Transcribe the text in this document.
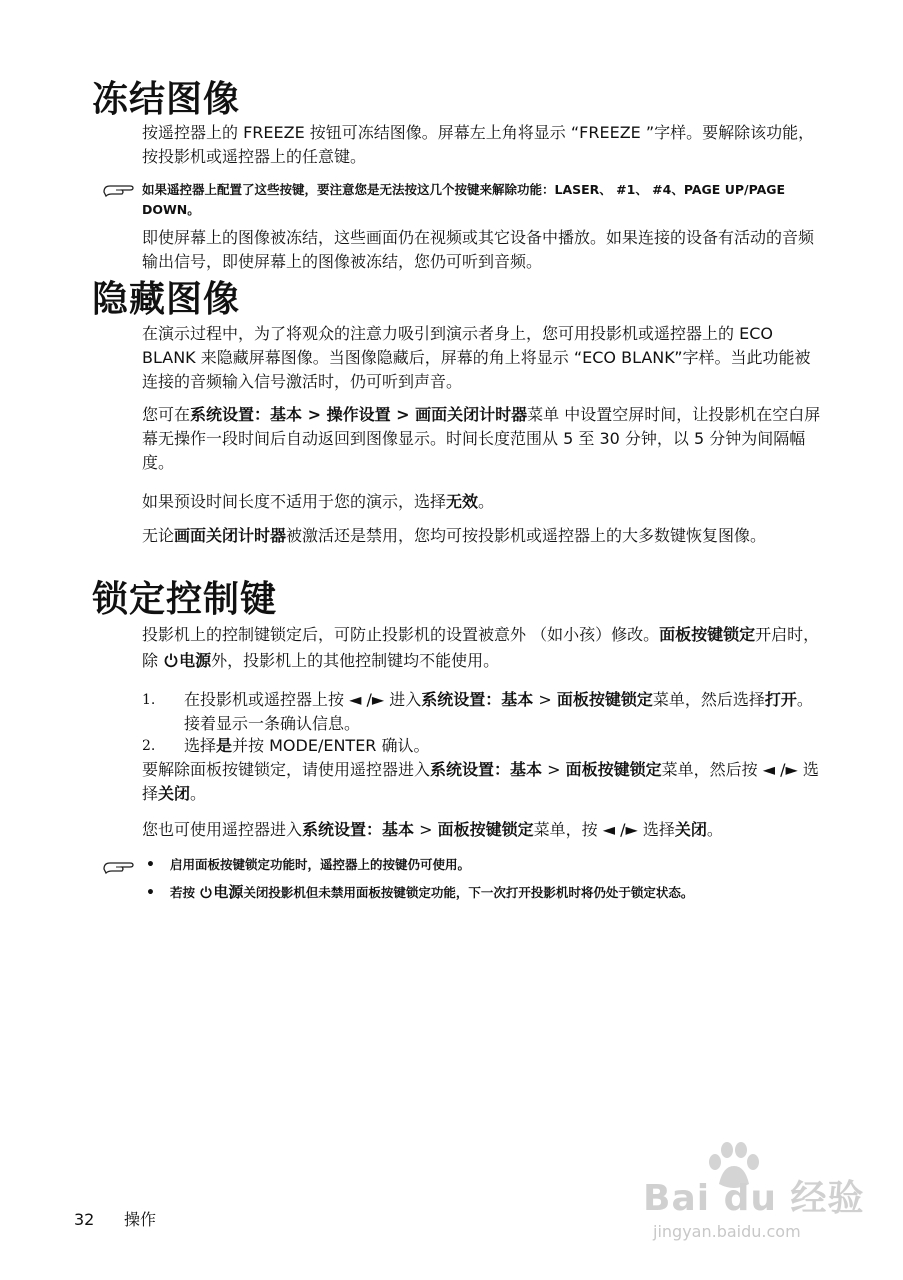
冻结图像
按遥控器上的 FREEZE 按钮可冻结图像。屏幕左上角将显示 “FREEZE ”字样。要解除该功能，按投影机或遥控器上的任意键。
如果遥控器上配置了这些按键，要注意您是无法按这几个按键来解除功能：LASER、 #1、 #4、PAGE UP/PAGE DOWN。
即使屏幕上的图像被冻结，这些画面仍在视频或其它设备中播放。如果连接的设备有活动的音频输出信号，即使屏幕上的图像被冻结，您仍可听到音频。
隐藏图像
在演示过程中，为了将观众的注意力吸引到演示者身上，您可用投影机或遥控器上的 ECO BLANK 来隐藏屏幕图像。当图像隐藏后，屏幕的角上将显示 “ECO BLANK”字样。当此功能被连接的音频输入信号激活时，仍可听到声音。
您可在系统设置：基本 > 操作设置 > 画面关闭计时器菜单 中设置空屏时间，让投影机在空白屏幕无操作一段时间后自动返回到图像显示。时间长度范围从 5 至 30 分钟，以 5 分钟为间隔幅度。
如果预设时间长度不适用于您的演示，选择无效。
无论画面关闭计时器被激活还是禁用，您均可按投影机或遥控器上的大多数键恢复图像。
锁定控制键
投影机上的控制键锁定后，可防止投影机的设置被意外 （如小孩）修改。面板按键锁定开启时，除 电源外，投影机上的其他控制键均不能使用。
1. 在投影机或遥控器上按 ◄ /► 进入系统设置：基本 > 面板按键锁定菜单，然后选择打开。接着显示一条确认信息。
2. 选择是并按 MODE/ENTER 确认。
要解除面板按键锁定，请使用遥控器进入系统设置：基本 > 面板按键锁定菜单，然后按 ◄ /► 选择关闭。
您也可使用遥控器进入系统设置：基本 > 面板按键锁定菜单，按 ◄ /► 选择关闭。
• 启用面板按键锁定功能时，遥控器上的按键仍可使用。
• 若按 电源关闭投影机但未禁用面板按键锁定功能，下一次打开投影机时将仍处于锁定状态。
32 操作
Bai du 经验
jingyan.baidu.com
